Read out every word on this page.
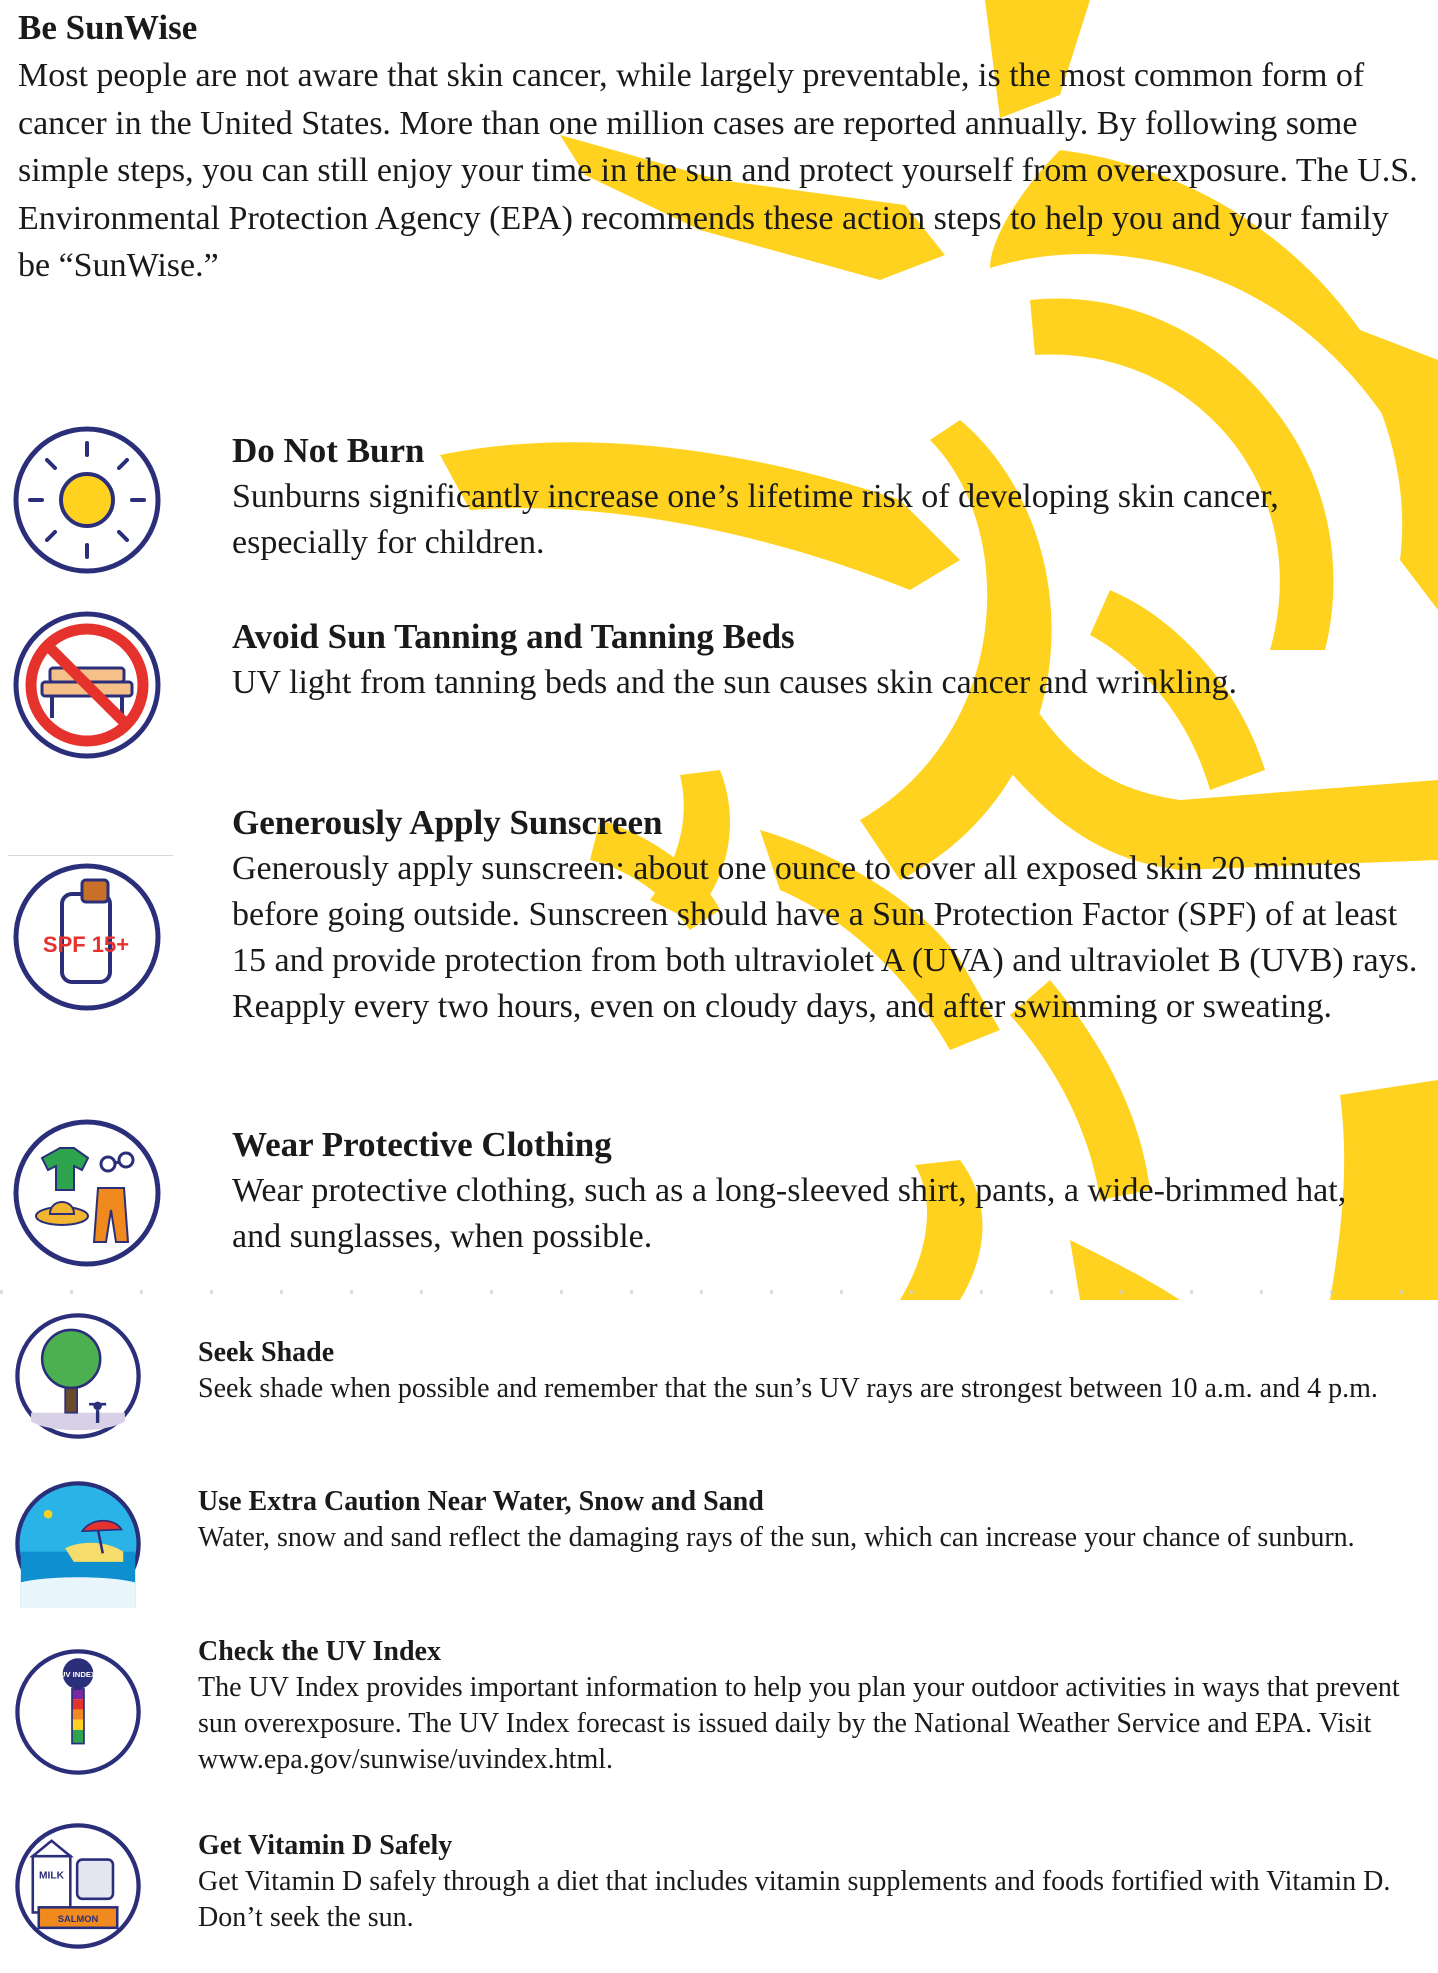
Be SunWise

Most people are not aware that skin cancer, while largely preventable, is the most common form of cancer in the United States. More than one million cases are reported annually. By following some simple steps, you can still enjoy your time in the sun and protect yourself from overexposure. The U.S. Environmental Protection Agency (EPA) recommends these action steps to help you and your family be “SunWise.”

Do Not Burn

Sunburns significantly increase one’s lifetime risk of developing skin cancer, especially for children.

Avoid Sun Tanning and Tanning Beds

UV light from tanning beds and the sun causes skin cancer and wrinkling.

SPF 15+
Generously Apply Sunscreen

Generously apply sunscreen: about one ounce to cover all exposed skin 20 minutes before going outside. Sunscreen should have a Sun Protection Factor (SPF) of at least 15 and provide protection from both ultraviolet A (UVA) and ultraviolet B (UVB) rays. Reapply every two hours, even on cloudy days, and after swimming or sweating.

Wear Protective Clothing

Wear protective clothing, such as a long-sleeved shirt, pants, a wide-brimmed hat, and sunglasses, when possible.

Seek Shade

Seek shade when possible and remember that the sun’s UV rays are strongest between 10 a.m. and 4 p.m.

Use Extra Caution Near Water, Snow and Sand

Water, snow and sand reflect the damaging rays of the sun, which can increase your chance of sunburn.

UV INDEX
Check the UV Index

The UV Index provides important information to help you plan your outdoor activities in ways that prevent sun overexposure. The UV Index forecast is issued daily by the National Weather Service and EPA. Visit www.epa.gov/sunwise/uvindex.html.

MILK
SALMON
Get Vitamin D Safely

Get Vitamin D safely through a diet that includes vitamin supplements and foods fortified with Vitamin D. Don’t seek the sun.
